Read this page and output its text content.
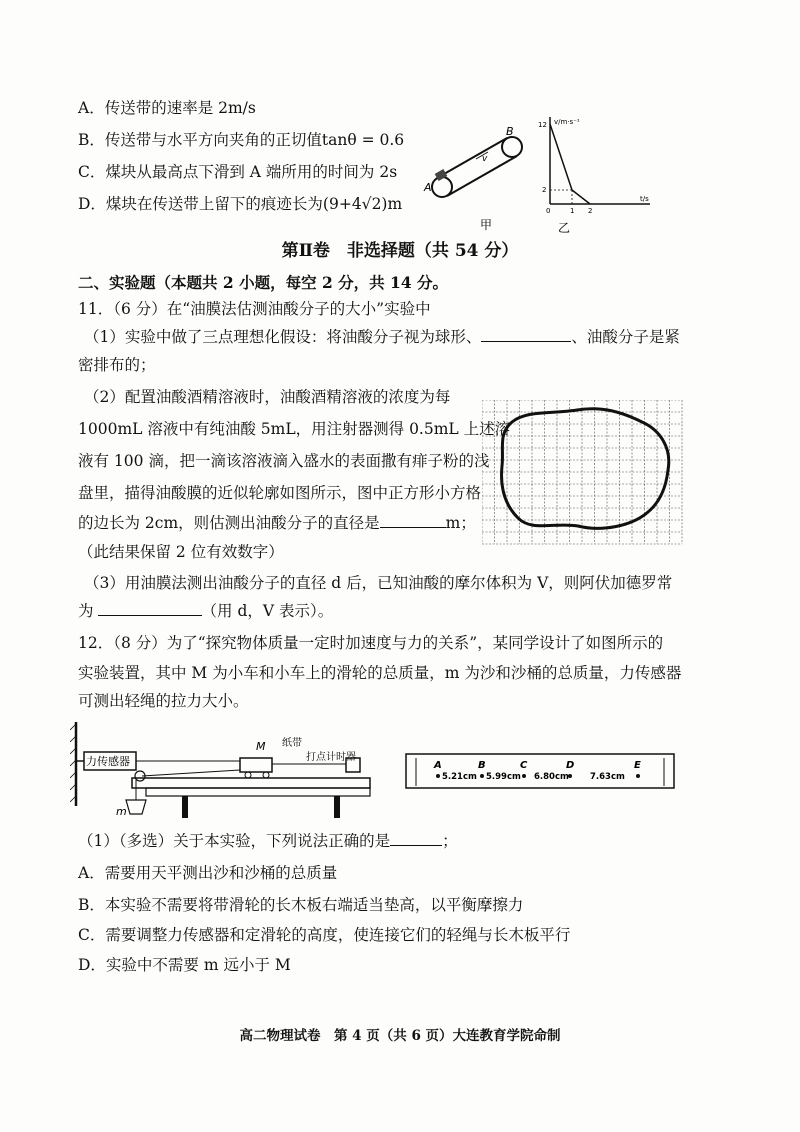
A．传送带的速率是 2m/s
B．传送带与水平方向夹角的正切值tanθ = 0.6
C．煤块从最高点下滑到 A 端所用的时间为 2s
D．煤块在传送带上留下的痕迹长为(9+4√2)m
A
B
v
甲
v/m·s⁻¹
t/s
12
2
0	1 2
乙
第Ⅱ卷　非选择题（共 54 分）
二、实验题（本题共 2 小题，每空 2 分，共 14 分。
11．（6 分）在“油膜法估测油酸分子的大小”实验中
（1）实验中做了三点理想化假设：将油酸分子视为球形、	、油酸分子是紧
密排布的；
（2）配置油酸酒精溶液时，油酸酒精溶液的浓度为每
1000mL 溶液中有纯油酸 5mL，用注射器测得 0.5mL 上述溶
液有 100 滴，把一滴该溶液滴入盛水的表面撒有痱子粉的浅
盘里，描得油酸膜的近似轮廓如图所示，图中正方形小方格
的边长为 2cm，则估测出油酸分子的直径是	m；
（此结果保留 2 位有效数字）
（3）用油膜法测出油酸分子的直径 d 后，已知油酸的摩尔体积为 V，则阿伏加德罗常
为	（用 d，V 表示）。
12．（8 分）为了“探究物体质量一定时加速度与力的关系”，某同学设计了如图所示的
实验装置，其中 M 为小车和小车上的滑轮的总质量，m 为沙和沙桶的总质量，力传感器
可测出轻绳的拉力大小。
力传感器
m
M 纸带
打点计时器
A	B	C	D	E
5.21cm 5.99cm 6.80cm 7.63cm
（1）（多选）关于本实验，下列说法正确的是	；
A．需要用天平测出沙和沙桶的总质量
B．本实验不需要将带滑轮的长木板右端适当垫高，以平衡摩擦力
C．需要调整力传感器和定滑轮的高度，使连接它们的轻绳与长木板平行
D．实验中不需要 m 远小于 M
高二物理试卷　第 4 页（共 6 页）大连教育学院命制
